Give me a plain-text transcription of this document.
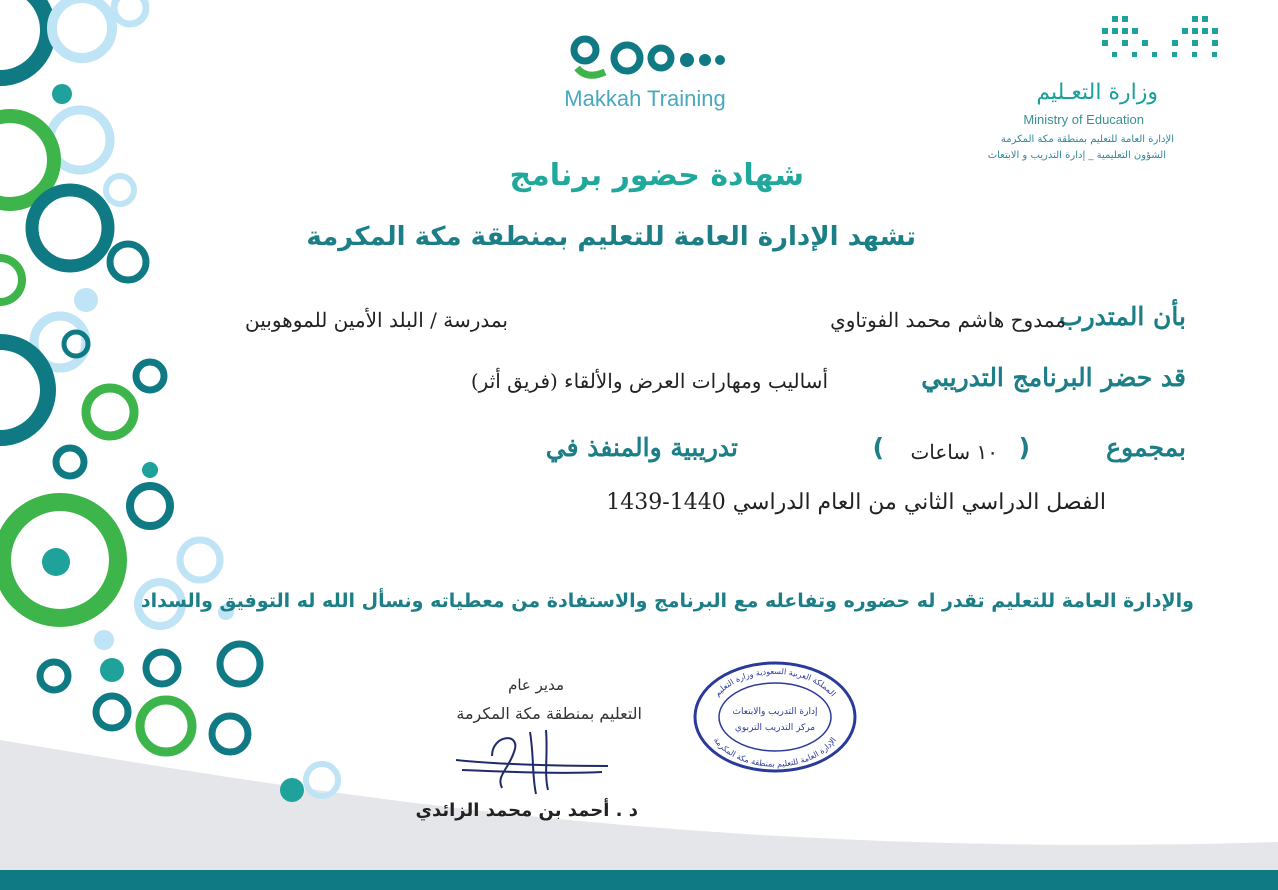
Makkah Training	وزارة التعـليم
Ministry of Education
الإدارة العامة للتعليم بمنطقة مكة المكرمة
الشؤون التعليمية _ إدارة التدريب و الابتعاث
شهادة حضور برنامج
تشهد الإدارة العامة للتعليم بمنطقة مكة المكرمة
بأن المتدرب
ممدوح هاشم محمد الفوتاوي
بمدرسة / البلد الأمين للموهوبين
قد حضر البرنامج التدريبي
أساليب ومهارات العرض والألقاء (فريق أثر)
بمجموع
(
١٠ ساعات
)
تدريبية والمنفذ في
الفصل الدراسي الثاني من العام الدراسي 1440-1439
والإدارة العامة للتعليم تقدر له حضوره وتفاعله مع البرنامج والاستفادة من معطياته ونسأل الله له التوفيق والسداد
مدير عام
التعليم بمنطقة مكة المكرمة
د . أحمد بن محمد الزائدي
المملكة العربية السعودية وزارة التعليم
الإدارة العامة للتعليم بمنطقة مكة المكرمة
إدارة التدريب والابتعاث
مركز التدريب التربوي
